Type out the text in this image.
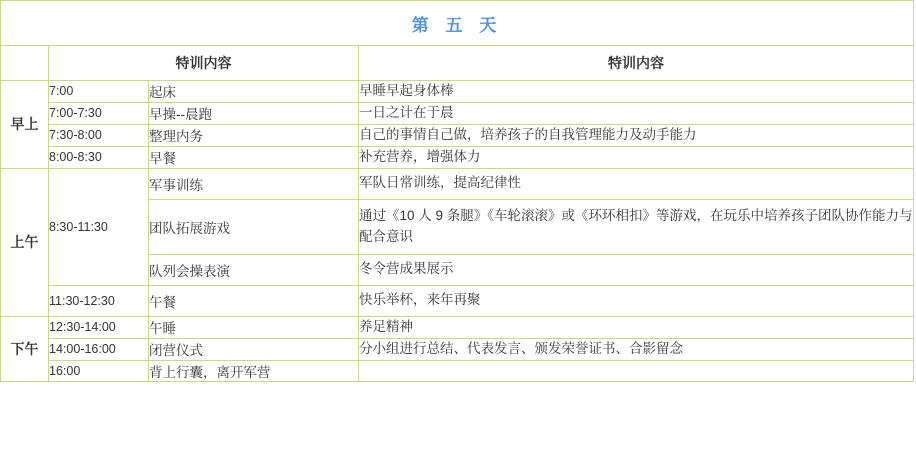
第 五 天			
	特训内容		特训内容
早上	7:00	起床	早睡早起身体棒
	7:00-7:30	早操--晨跑	一日之计在于晨
	7:30-8:00	整理内务	自己的事情自己做，培养孩子的自我管理能力及动手能力
	8:00-8:30	早餐	补充营养，增强体力
上午	8:30-11:30	军事训练	军队日常训练，提高纪律性
		团队拓展游戏	通过《10 人 9 条腿》《车轮滚滚》或《环环相扣》等游戏，在玩乐中培养孩子团队协作能力与配合意识
		队列会操表演	冬令营成果展示
	11:30-12:30	午餐	快乐举杯，来年再聚
下午	12:30-14:00	午睡	养足精神
	14:00-16:00	闭营仪式	分小组进行总结、代表发言、颁发荣誉证书、合影留念
	16:00	背上行囊，离开军营	
